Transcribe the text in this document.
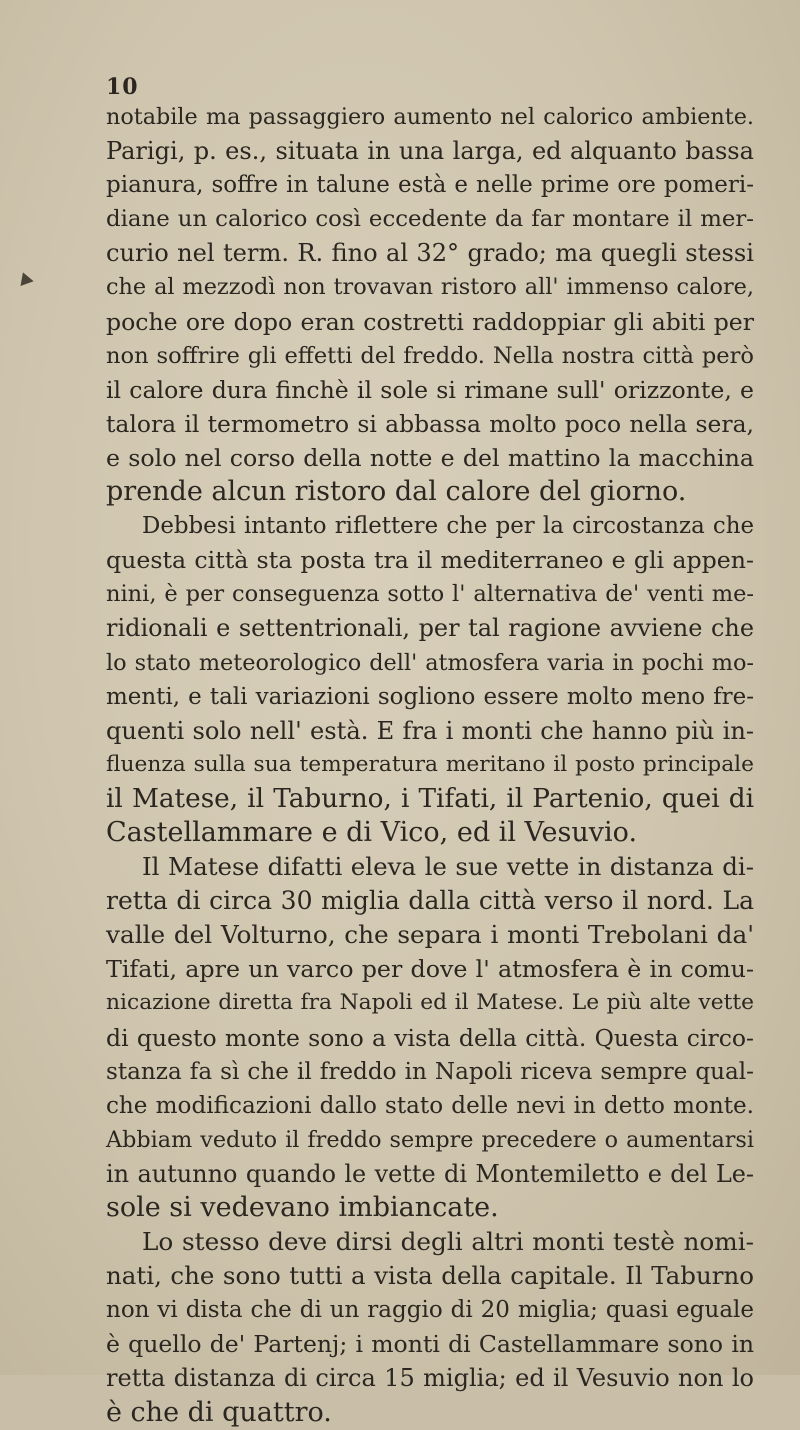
10
notabile ma passaggiero aumento nel calorico ambiente.
Parigi, p. es., situata in una larga, ed alquanto bassa
pianura, soffre in talune està e nelle prime ore pomeri-
diane un calorico così eccedente da far montare il mer-
curio nel term. R. fino al 32° grado; ma quegli stessi
che al mezzodì non trovavan ristoro all' immenso calore,
poche ore dopo eran costretti raddoppiar gli abiti per
non soffrire gli effetti del freddo. Nella nostra città però
il calore dura finchè il sole si rimane sull' orizzonte, e
talora il termometro si abbassa molto poco nella sera,
e solo nel corso della notte e del mattino la macchina
prende alcun ristoro dal calore del giorno.
Debbesi intanto riflettere che per la circostanza che
questa città sta posta tra il mediterraneo e gli appen-
nini, è per conseguenza sotto l' alternativa de' venti me-
ridionali e settentrionali, per tal ragione avviene che
lo stato meteorologico dell' atmosfera varia in pochi mo-
menti, e tali variazioni sogliono essere molto meno fre-
quenti solo nell' està. E fra i monti che hanno più in-
fluenza sulla sua temperatura meritano il posto principale
il Matese, il Taburno, i Tifati, il Partenio, quei di
Castellammare e di Vico, ed il Vesuvio.
Il Matese difatti eleva le sue vette in distanza di-
retta di circa 30 miglia dalla città verso il nord. La
valle del Volturno, che separa i monti Trebolani da'
Tifati, apre un varco per dove l' atmosfera è in comu-
nicazione diretta fra Napoli ed il Matese. Le più alte vette
di questo monte sono a vista della città. Questa circo-
stanza fa sì che il freddo in Napoli riceva sempre qual-
che modificazioni dallo stato delle nevi in detto monte.
Abbiam veduto il freddo sempre precedere o aumentarsi
in autunno quando le vette di Montemiletto e del Le-
sole si vedevano imbiancate.
Lo stesso deve dirsi degli altri monti testè nomi-
nati, che sono tutti a vista della capitale. Il Taburno
non vi dista che di un raggio di 20 miglia; quasi eguale
è quello de' Partenj; i monti di Castellammare sono in
retta distanza di circa 15 miglia; ed il Vesuvio non lo
è che di quattro.
